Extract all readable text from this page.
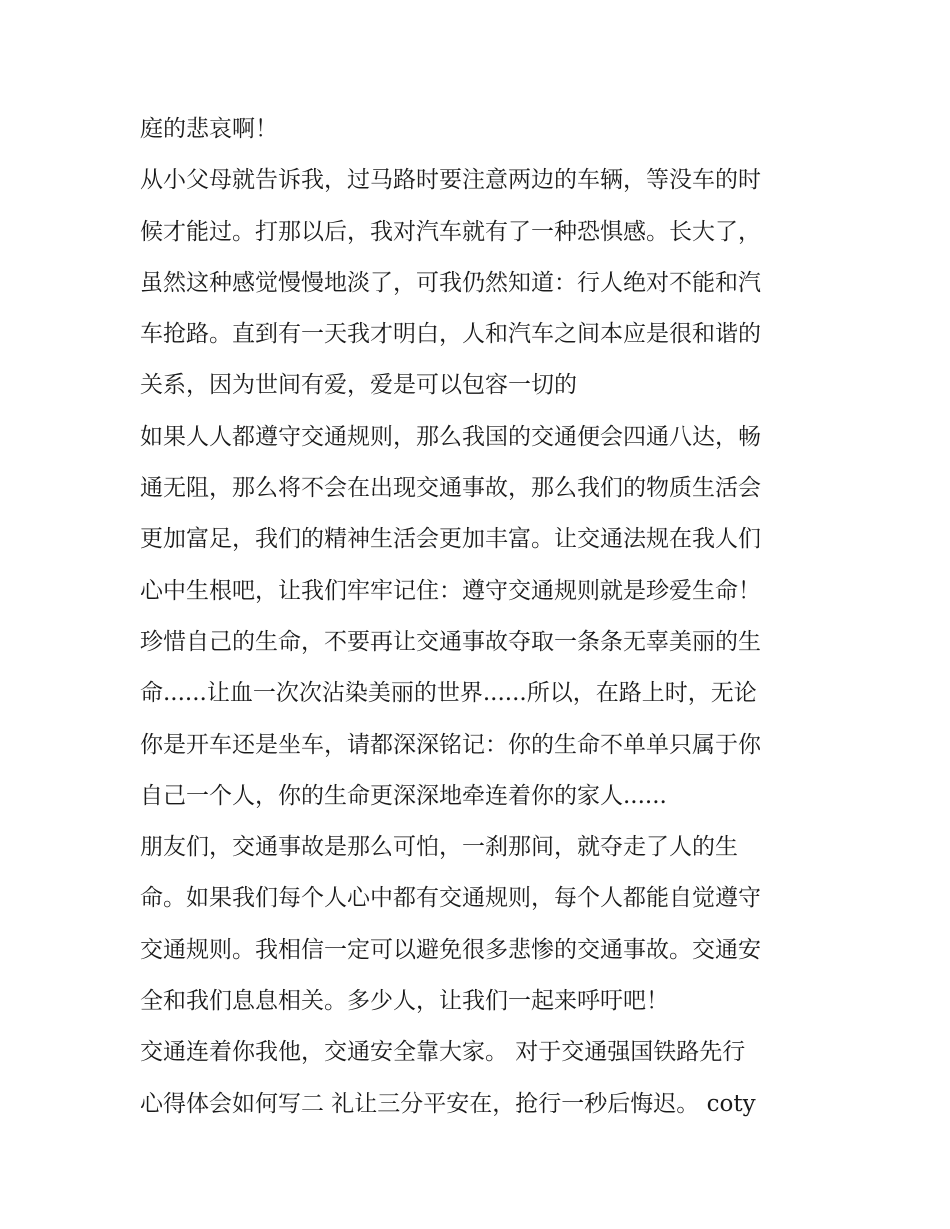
庭的悲哀啊！
从小父母就告诉我，过马路时要注意两边的车辆，等没车的时
候才能过。打那以后，我对汽车就有了一种恐惧感。长大了，
虽然这种感觉慢慢地淡了，可我仍然知道：行人绝对不能和汽
车抢路。直到有一天我才明白，人和汽车之间本应是很和谐的
关系，因为世间有爱，爱是可以包容一切的
如果人人都遵守交通规则，那么我国的交通便会四通八达，畅
通无阻，那么将不会在出现交通事故，那么我们的物质生活会
更加富足，我们的精神生活会更加丰富。让交通法规在我人们
心中生根吧，让我们牢牢记住：遵守交通规则就是珍爱生命！
珍惜自己的生命，不要再让交通事故夺取一条条无辜美丽的生
命......让血一次次沾染美丽的世界......所以，在路上时，无论
你是开车还是坐车，请都深深铭记：你的生命不单单只属于你
自己一个人，你的生命更深深地牵连着你的家人......
朋友们，交通事故是那么可怕，一刹那间，就夺走了人的生
命。如果我们每个人心中都有交通规则，每个人都能自觉遵守
交通规则。我相信一定可以避免很多悲惨的交通事故。交通安
全和我们息息相关。多少人，让我们一起来呼吁吧！
交通连着你我他，交通安全靠大家。 对于交通强国铁路先行
心得体会如何写二 礼让三分平安在，抢行一秒后悔迟。 coty
